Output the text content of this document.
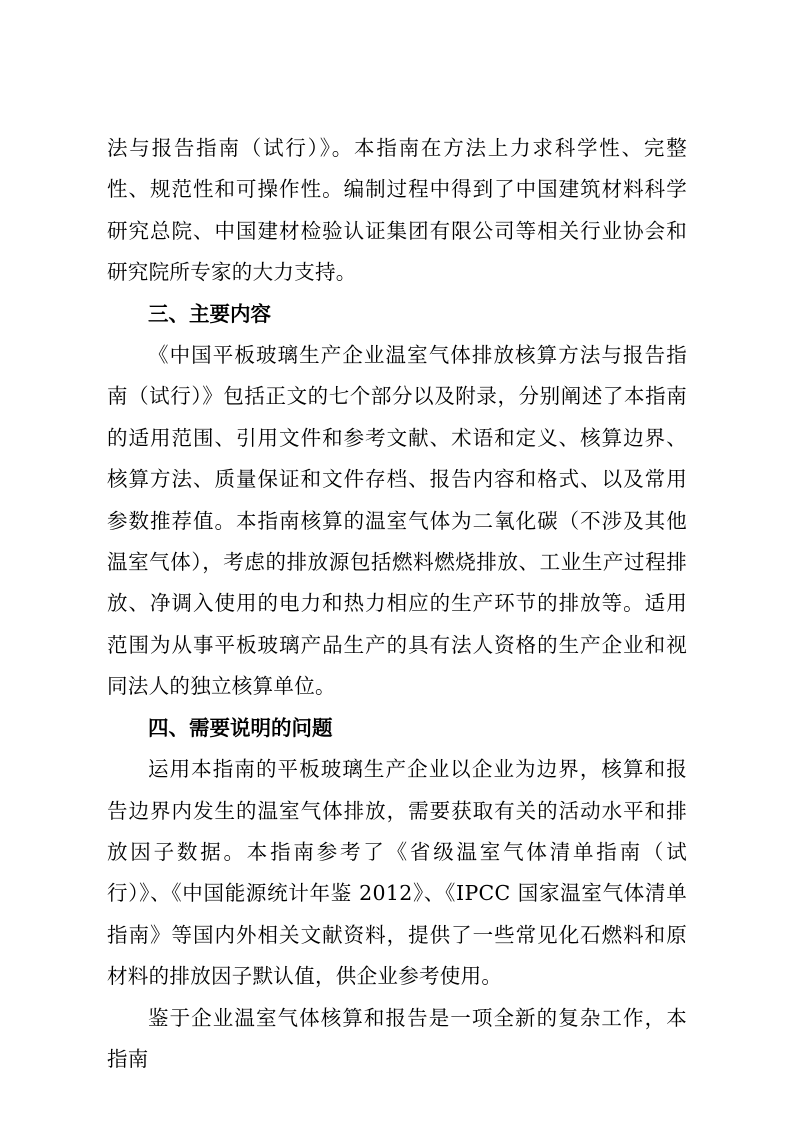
法与报告指南（试行）》。本指南在方法上力求科学性、完整性、规范性和可操作性。编制过程中得到了中国建筑材料科学研究总院、中国建材检验认证集团有限公司等相关行业协会和研究院所专家的大力支持。

三、主要内容

《中国平板玻璃生产企业温室气体排放核算方法与报告指南（试行）》包括正文的七个部分以及附录，分别阐述了本指南的适用范围、引用文件和参考文献、术语和定义、核算边界、核算方法、质量保证和文件存档、报告内容和格式、以及常用参数推荐值。本指南核算的温室气体为二氧化碳（不涉及其他温室气体），考虑的排放源包括燃料燃烧排放、工业生产过程排放、净调入使用的电力和热力相应的生产环节的排放等。适用范围为从事平板玻璃产品生产的具有法人资格的生产企业和视同法人的独立核算单位。

四、需要说明的问题

运用本指南的平板玻璃生产企业以企业为边界，核算和报告边界内发生的温室气体排放，需要获取有关的活动水平和排放因子数据。本指南参考了《省级温室气体清单指南（试行）》、《中国能源统计年鉴 2012》、《IPCC 国家温室气体清单指南》等国内外相关文献资料，提供了一些常见化石燃料和原材料的排放因子默认值，供企业参考使用。

鉴于企业温室气体核算和报告是一项全新的复杂工作，本指南
